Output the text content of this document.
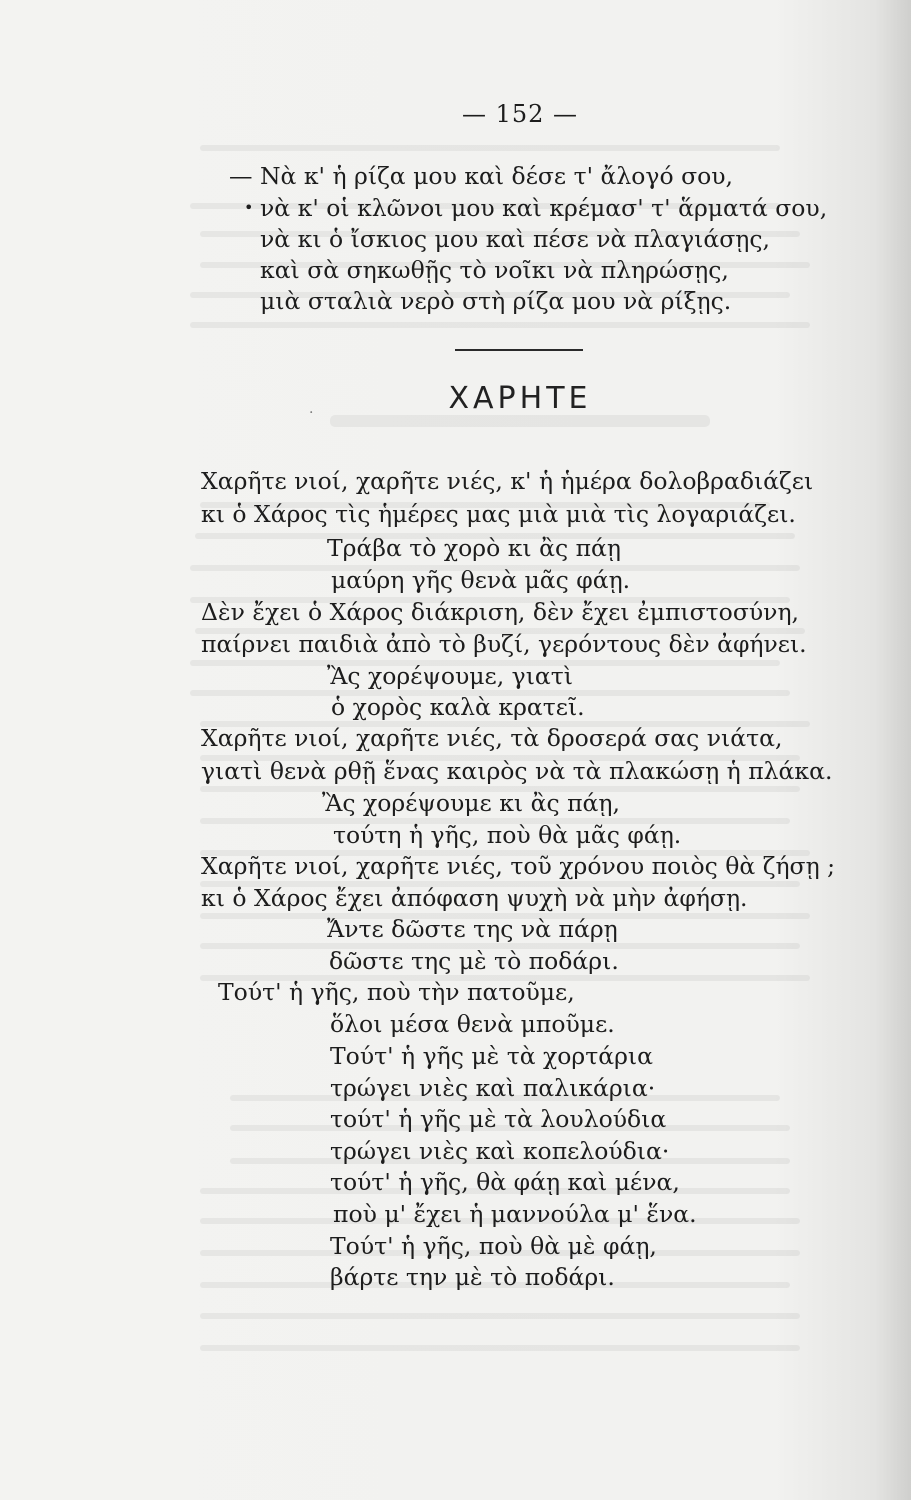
— 152 —
— Νὰ κ' ἡ ρίζα μου καὶ δέσε τ' ἄλογό σου,
• νὰ κ' οἱ κλῶνοι μου καὶ κρέμασ' τ' ἅρματά σου,
νὰ κι ὁ ἴσκιος μου καὶ πέσε νὰ πλαγιάσῃς,
καὶ σὰ σηκωθῇς τὸ νοῖκι νὰ πληρώσῃς,
μιὰ σταλιὰ νερὸ στὴ ρίζα μου νὰ ρίξῃς.
ΧΑΡΗΤΕ
·
Χαρῆτε νιοί, χαρῆτε νιές, κ' ἡ ἡμέρα δολοβραδιάζει
κι ὁ Χάρος τὶς ἡμέρες μας μιὰ μιὰ τὶς λογαριάζει.
Τράβα τὸ χορὸ κι ἂς πάῃ
μαύρη γῆς θενὰ μᾶς φάῃ.
Δὲν ἔχει ὁ Χάρος διάκριση, δὲν ἔχει ἐμπιστοσύνη,
παίρνει παιδιὰ ἀπὸ τὸ βυζί, γερόντους δὲν ἀφήνει.
Ἂς χορέψουμε, γιατὶ
ὁ χορὸς καλὰ κρατεῖ.
Χαρῆτε νιοί, χαρῆτε νιές, τὰ δροσερά σας νιάτα,
γιατὶ θενὰ ρθῇ ἕνας καιρὸς νὰ τὰ πλακώσῃ ἡ πλάκα.
Ἂς χορέψουμε κι ἂς πάῃ,
τούτη ἡ γῆς, ποὺ θὰ μᾶς φάῃ.
Χαρῆτε νιοί, χαρῆτε νιές, τοῦ χρόνου ποιὸς θὰ ζήσῃ ;
κι ὁ Χάρος ἔχει ἀπόφαση ψυχὴ νὰ μὴν ἀφήσῃ.
Ἄντε δῶστε της νὰ πάρῃ
δῶστε της μὲ τὸ ποδάρι.
Τούτ' ἡ γῆς, ποὺ τὴν πατοῦμε,
ὅλοι μέσα θενὰ μποῦμε.
Τούτ' ἡ γῆς μὲ τὰ χορτάρια
τρώγει νιὲς καὶ παλικάρια·
τούτ' ἡ γῆς μὲ τὰ λουλούδια
τρώγει νιὲς καὶ κοπελούδια·
τούτ' ἡ γῆς, θὰ φάῃ καὶ μένα,
ποὺ μ' ἔχει ἡ μαννούλα μ' ἕνα.
Τούτ' ἡ γῆς, ποὺ θὰ μὲ φάῃ,
βάρτε την μὲ τὸ ποδάρι.
